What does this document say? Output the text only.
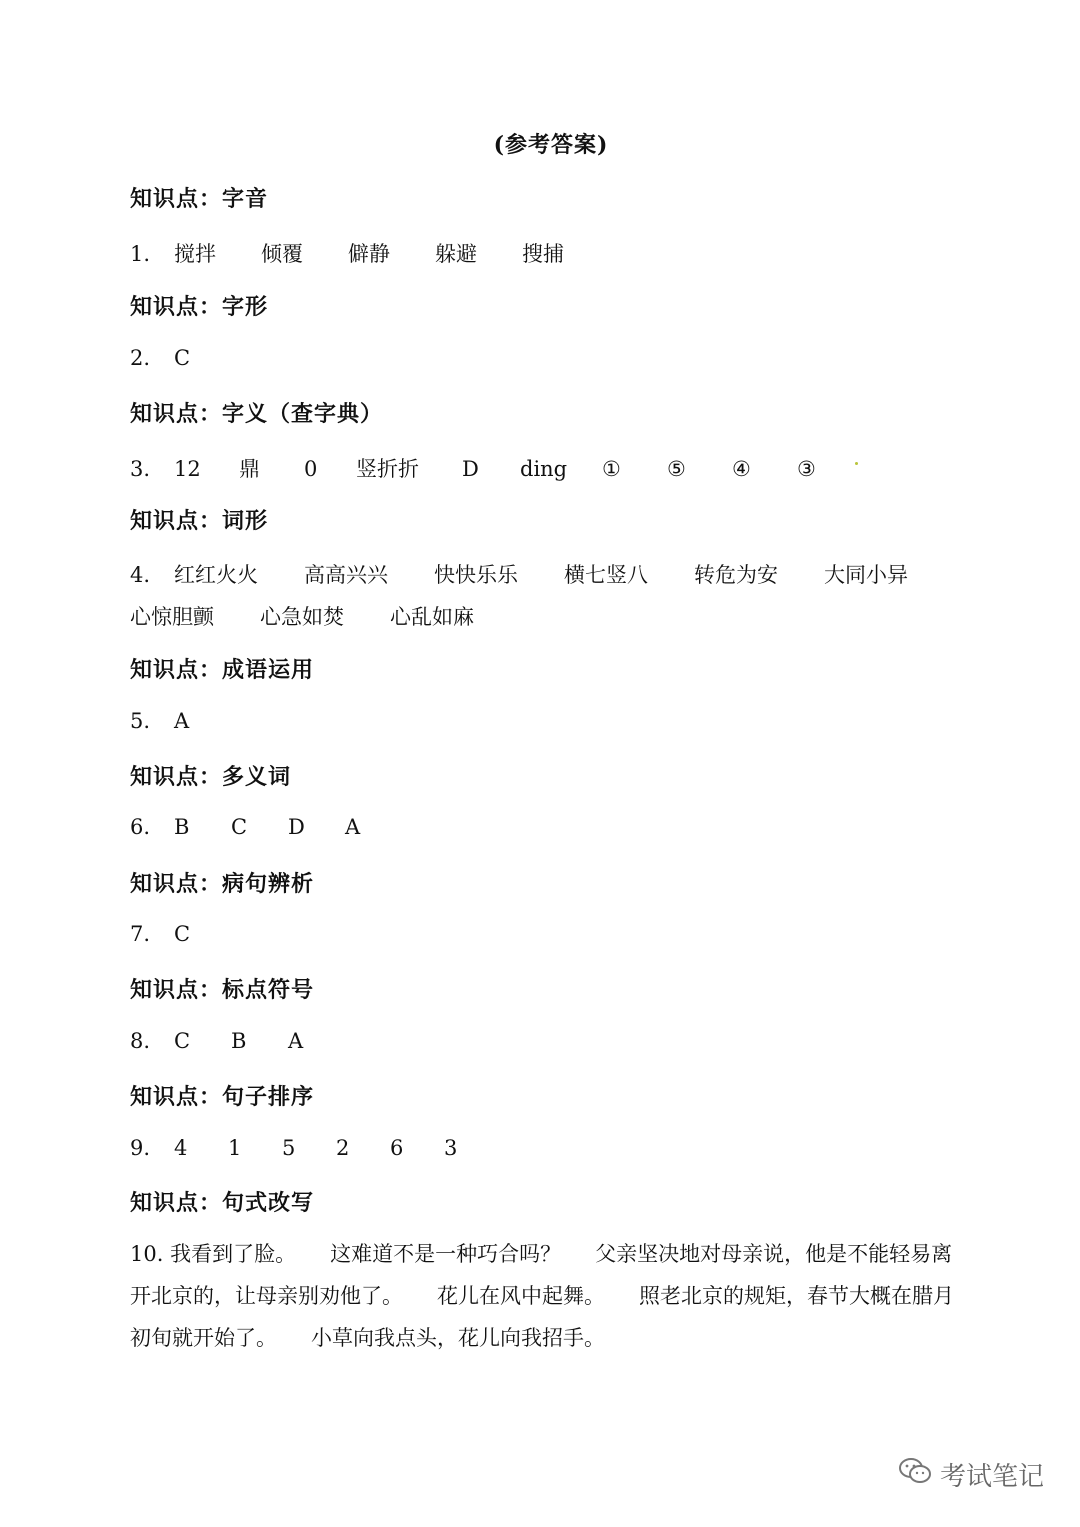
(参考答案)
知识点：字音
1.	搅拌	倾覆	僻静	躲避	搜捕
知识点：字形
2.	C
知识点：字义（查字典）
3.	12	鼎	0	竖折折	D	ding	①	⑤	④	③
知识点：词形
4.	红红火火	高高兴兴	快快乐乐	横七竖八	转危为安	大同小异
心惊胆颤	心急如焚	心乱如麻
知识点：成语运用
5.	A
知识点：多义词
6.	B	C	D	A
知识点：病句辨析
7.	C
知识点：标点符号
8.	C	B	A
知识点：句子排序
9.	4	1	5	2	6	3
知识点：句式改写
10. 我看到了脸。 这难道不是一种巧合吗？ 父亲坚决地对母亲说，他是不能轻易离开北京的，让母亲别劝他了。 花儿在风中起舞。 照老北京的规矩，春节大概在腊月初旬就开始了。 小草向我点头，花儿向我招手。
考试笔记
